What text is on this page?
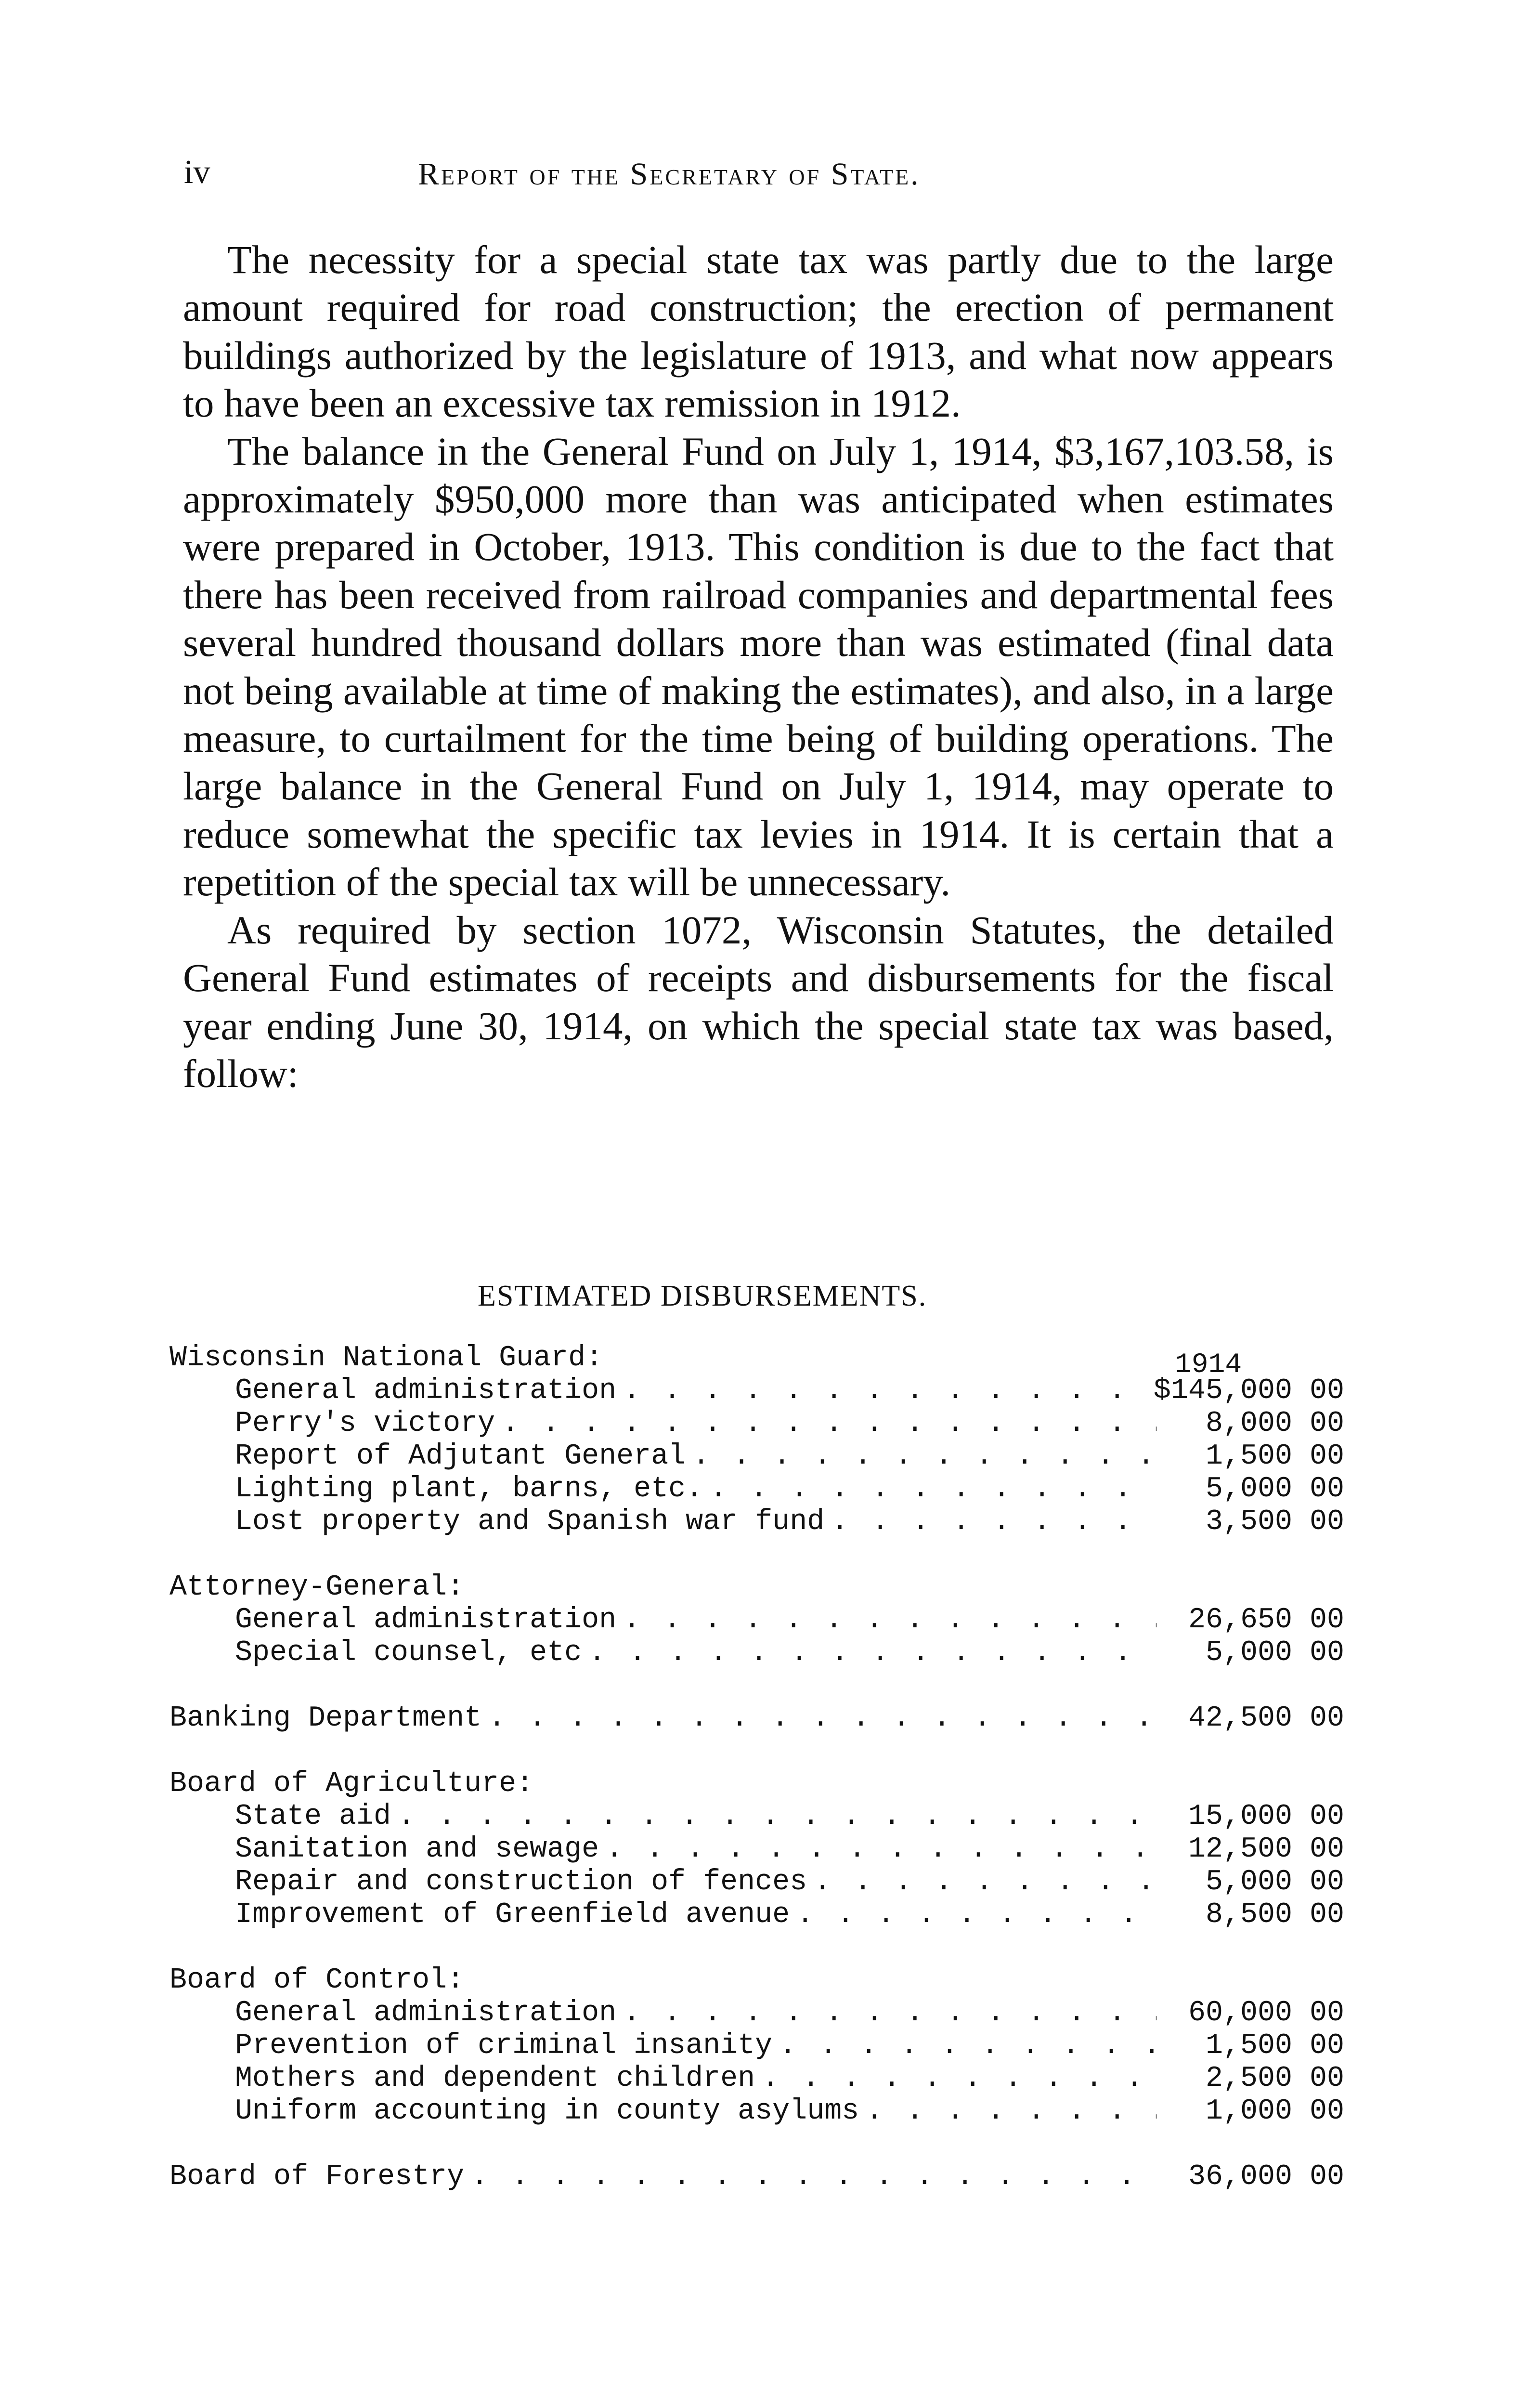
iv	Report of the Secretary of State.

The necessity for a special state tax was partly due to the large amount required for road construction; the erection of permanent buildings authorized by the legislature of 1913, and what now appears to have been an excessive tax remission in 1912.

The balance in the General Fund on July 1, 1914, $3,167,103.58, is approximately $950,000 more than was anticipated when estimates were prepared in October, 1913. This condition is due to the fact that there has been received from railroad companies and departmental fees several hundred thousand dollars more than was estimated (final data not being available at time of making the estimates), and also, in a large measure, to curtailment for the time being of building operations. The large balance in the General Fund on July 1, 1914, may operate to reduce somewhat the specific tax levies in 1914. It is certain that a repetition of the special tax will be unnecessary.

As required by section 1072, Wisconsin Statutes, the detailed General Fund estimates of receipts and disbursements for the fiscal year ending June 30, 1914, on which the special state tax was based, follow:

ESTIMATED DISBURSEMENTS.
1914
Wisconsin National Guard:
General administration . . .	$145,000 00
Perry's victory . . .	8,000 00
Report of Adjutant General . . .	1,500 00
Lighting plant, barns, etc. . . .	5,000 00
Lost property and Spanish war fund . . .	3,500 00
Attorney-General:
General administration . . .	26,650 00
Special counsel, etc . . .	5,000 00
Banking Department . . .	42,500 00
Board of Agriculture:
State aid . . .	15,000 00
Sanitation and sewage . . .	12,500 00
Repair and construction of fences . . .	5,000 00
Improvement of Greenfield avenue . . .	8,500 00
Board of Control:
General administration . . .	60,000 00
Prevention of criminal insanity . . .	1,500 00
Mothers and dependent children . . .	2,500 00
Uniform accounting in county asylums . . .	1,000 00
Board of Forestry . . .	36,000 00
